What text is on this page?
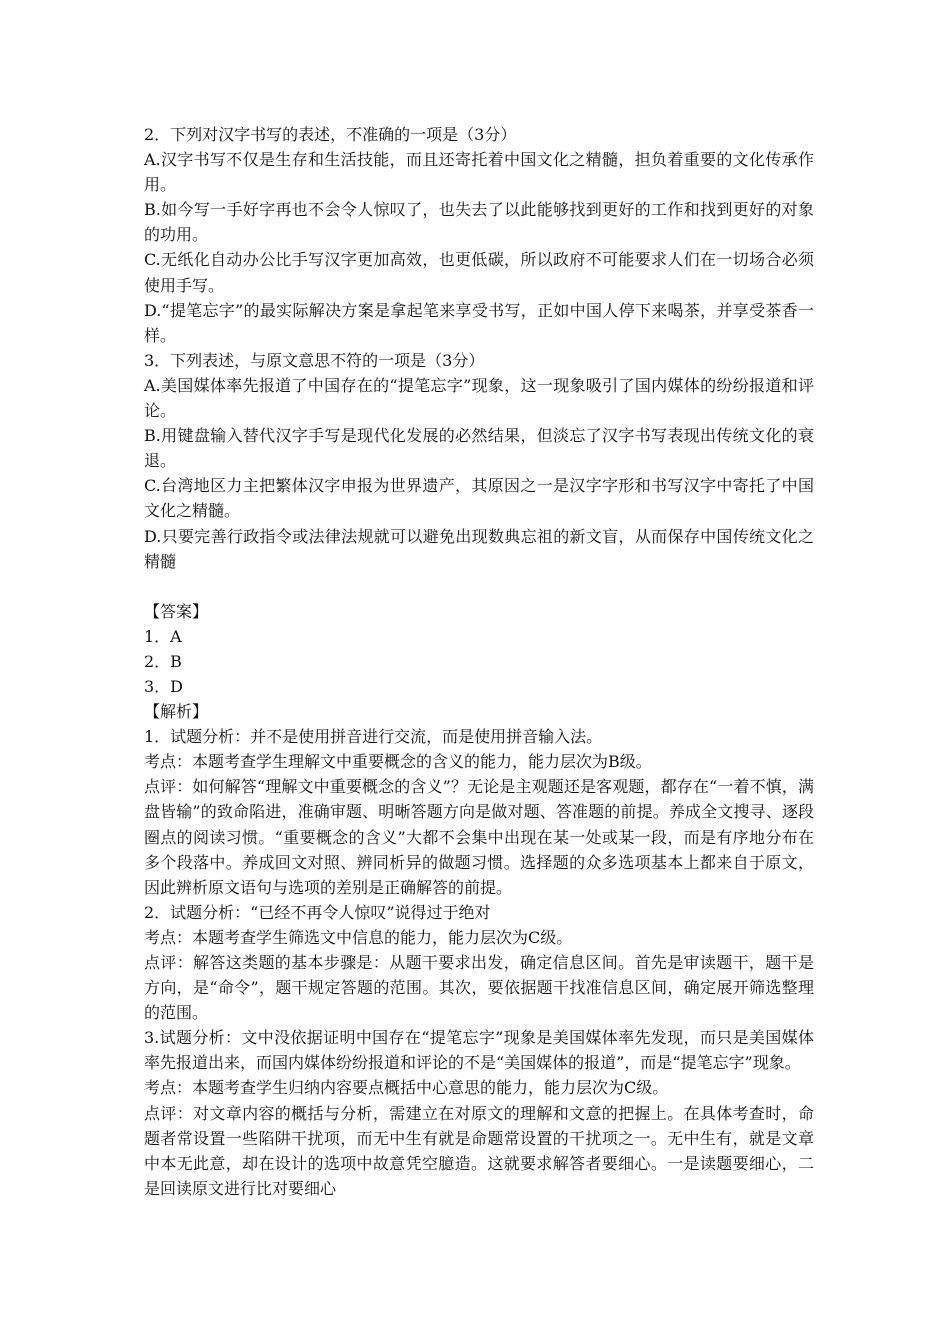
2．下列对汉字书写的表述，不准确的一项是（3分）

A.汉字书写不仅是生存和生活技能，而且还寄托着中国文化之精髓，担负着重要的文化传承作用。

B.如今写一手好字再也不会令人惊叹了，也失去了以此能够找到更好的工作和找到更好的对象的功用。

C.无纸化自动办公比手写汉字更加高效，也更低碳，所以政府不可能要求人们在一切场合必须使用手写。

D.“提笔忘字”的最实际解决方案是拿起笔来享受书写，正如中国人停下来喝茶，并享受茶香一样。

3．下列表述，与原文意思不符的一项是（3分）

A.美国媒体率先报道了中国存在的“提笔忘字”现象，这一现象吸引了国内媒体的纷纷报道和评论。

B.用键盘输入替代汉字手写是现代化发展的必然结果，但淡忘了汉字书写表现出传统文化的衰退。

C.台湾地区力主把繁体汉字申报为世界遗产，其原因之一是汉字字形和书写汉字中寄托了中国文化之精髓。

D.只要完善行政指令或法律法规就可以避免出现数典忘祖的新文盲，从而保存中国传统文化之精髓

【答案】

1．A

2．B

3．D

【解析】

1．试题分析：并不是使用拼音进行交流，而是使用拼音输入法。

考点：本题考查学生理解文中重要概念的含义的能力，能力层次为B级。

点评：如何解答“理解文中重要概念的含义”？无论是主观题还是客观题，都存在“一着不慎，满盘皆输”的致命陷进，准确审题、明晰答题方向是做对题、答准题的前提。养成全文搜寻、逐段圈点的阅读习惯。“重要概念的含义”大都不会集中出现在某一处或某一段，而是有序地分布在多个段落中。养成回文对照、辨同析异的做题习惯。选择题的众多选项基本上都来自于原文，因此辨析原文语句与选项的差别是正确解答的前提。

2．试题分析：“已经不再令人惊叹”说得过于绝对

考点：本题考查学生筛选文中信息的能力，能力层次为C级。

点评：解答这类题的基本步骤是：从题干要求出发，确定信息区间。首先是审读题干，题干是方向，是“命令”，题干规定答题的范围。其次，要依据题干找准信息区间，确定展开筛选整理的范围。

3.试题分析：文中没依据证明中国存在“提笔忘字”现象是美国媒体率先发现，而只是美国媒体率先报道出来，而国内媒体纷纷报道和评论的不是“美国媒体的报道”，而是“提笔忘字”现象。

考点：本题考查学生归纳内容要点概括中心意思的能力，能力层次为C级。

点评：对文章内容的概括与分析，需建立在对原文的理解和文意的把握上。在具体考查时，命题者常设置一些陷阱干扰项，而无中生有就是命题常设置的干扰项之一。无中生有，就是文章中本无此意，却在设计的选项中故意凭空臆造。这就要求解答者要细心。一是读题要细心，二是回读原文进行比对要细心
